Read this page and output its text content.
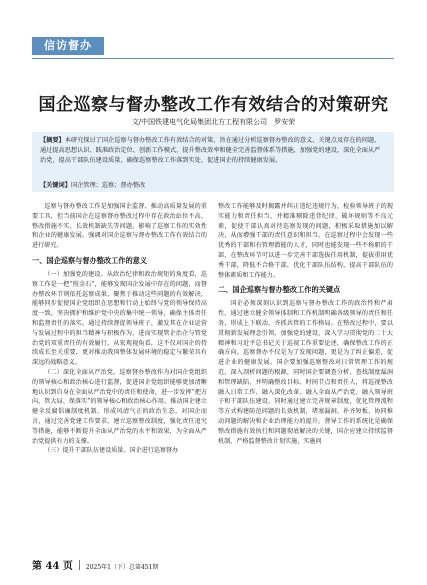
信访督办
国企巡察与督办整改工作有效结合的对策研究
文/中国铁建电气化局集团北方工程有限公司　罗安荣
【摘要】本研究探讨了国企巡察与督办整改工作有效结合的对策，旨在通过分析巡察督办整改的意义、关键点及存在的问题，通过提高思想认识、践准政治定位、创新工作模式、提升整改效率和健全完善监督体系等措施，加强党的建设，深化全面从严治党，提高干部队伍建设质量，确保巡察整改工作落到实处，促进国企的持续健康发展。
【关键词】国企管理；巡察；督办整改

巡察与督办整改工作是加强国企监督、推动高质量发展的重要工具，但当前国企在巡察督办整改过程中存在政治站位不高、整改措施不实、长效机制缺失等问题，影响了巡察工作的实效性和企业的健康发展。强调对国企巡察与督办整改工作有效结合的进行研究。

一、国企巡察与督办整改工作的意义

（一）加强党的建设。从政治纪律和政治规矩的角度看，巡察工作是一把“照金石”，能够发现国企发展中存在的问题，而督办整改环节则依托巡察成果，聚焦于推动这些问题的有效解决，能够同步促使国企党组织在思想和行动上始终与党的领导保持高度一致，坚决拥护和维护党中央的集中统一领导，确保主体责任和监督责任的落实。通过持续督促领导班子，激发其在企业运营与发展过程中的担当精神与积极作为，进而实现管企治企与管党治党的双重责任的有效履行，从宏观视角看，这不仅对国企的持续成长至关重要，更对推动我国整体发展环境的稳定与繁荣具有深远的战略意义。

（二）深化全面从严治党。巡察督办整改作为对国企党组织的领导核心和政治核心进行监督，促进国企党组织能够更加清晰地认识到自身在全面从严治党中的责任和使命，进一步发挥“把方向、管大局、保落实”的领导核心和政治核心作用，推动国企建立健全反腐倡廉制度机制，形成风清气正的政治生态。对国企而言，通过完善党建工作要求，建立巡察整改制度，强化责任追究等措施，能够不断提升全面从严治党的水平和效果，为全面从严治党提供有力的支撑。

（三）提升干部队伍建设质量。国企进行巡察督办

整改工作能够及时揭露并纠正违纪违规行为，检验领导班子的现实能力和责任担当，并精准剔除违背纪律、破坏规则等不良元素，促使干部认真对待巡察发现的问题，积极采取措施加以解决，从而增强干部的责任意识和担当。在巡察过程中会发现一些优秀的干部和有管理潜能的人才，同时也能发现一些不称职的干部，在整改环节可以进一步完善干部选拔任用机制，提拔重用优秀干部，降低不合格干部，优化干部队伍结构，提高干部队伍的整体素质和工作能力。

二、国企巡察与督办整改工作的关键点

国企必须深刻认识到巡察与督办整改工作的政治性和严肃性，通过建立健全领导体制和工作机制明确各级领导的责任和任务，形成上下联动、齐抓共管的工作格局。在整改过程中，要以贯彻新发展理念引领，加强党的建设，深入学习贯彻党的二十大精神和习近平总书记关于巡视工作重要论述，确保整改工作的正确方向。巡察督办不仅是为了发现问题，更是为了纠正偏差，促进企业的健康发展。国企要加强巡察整改对日常管理工作的规范，深入剖析问题的根源，同时国企要调查分析，查找制度漏洞和管理缺陷，并明确整改目标、时间节点和责任人，将巡视整改融入日常工作、融入深化改革、融入全面从严治党、融入领导班子和干部队伍建设，同时通过建立完善规章制度、优化管理流程等方式构建防范问题的长效机制，堵塞漏洞、补齐短板，协同推动问题的解决和企业治理能力的提升。督导工作的系统化是确保整改措施有效执行和问题彻底解决的关键，国企应建立持续监督机制，严格监督整改计划实施，实施问

第 44 页 2025年1（下）总第451期
